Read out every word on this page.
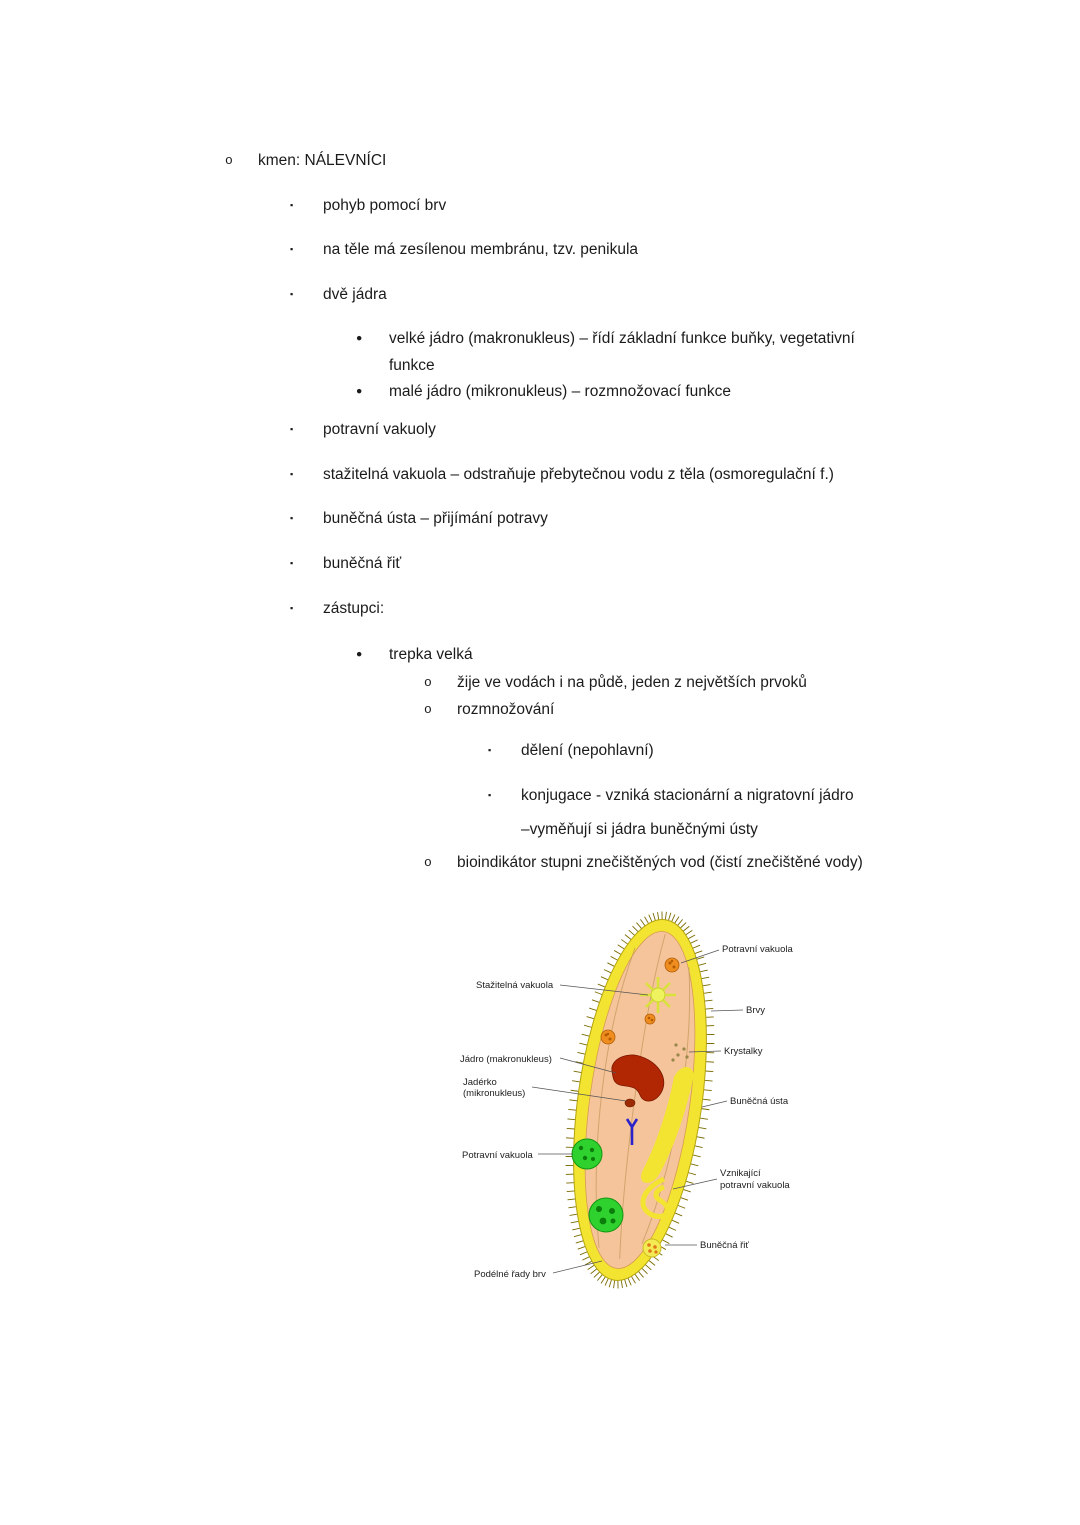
o	kmen: NÁLEVNÍCI
▪	pohyb pomocí brv
▪	na těle má zesílenou membránu, tzv. penikula
▪	dvě jádra
●	velké jádro (makronukleus) – řídí základní funkce buňky, vegetativní
funkce
●	malé jádro (mikronukleus) – rozmnožovací funkce
▪	potravní vakuoly
▪	stažitelná vakuola – odstraňuje přebytečnou vodu z těla (osmoregulační f.)
▪	buněčná ústa – přijímání potravy
▪	buněčná řiť
▪	zástupci:
●	trepka velká
o	žije ve vodách i na půdě, jeden z největších prvoků
o	rozmnožování
▪	dělení (nepohlavní)
▪	konjugace - vzniká stacionární a nigratovní jádro
–vyměňují si jádra buněčnými ústy
o	bioindikátor stupni znečištěných vod (čistí znečištěné vody)
Stažitelná vakuola
Jádro (makronukleus)
Jadérko
(mikronukleus)
Potravní vakuola
Podélné řady brv
Potravní vakuola
Brvy
Krystalky
Buněčná ústa
Vznikající
potravní vakuola
Buněčná řiť
